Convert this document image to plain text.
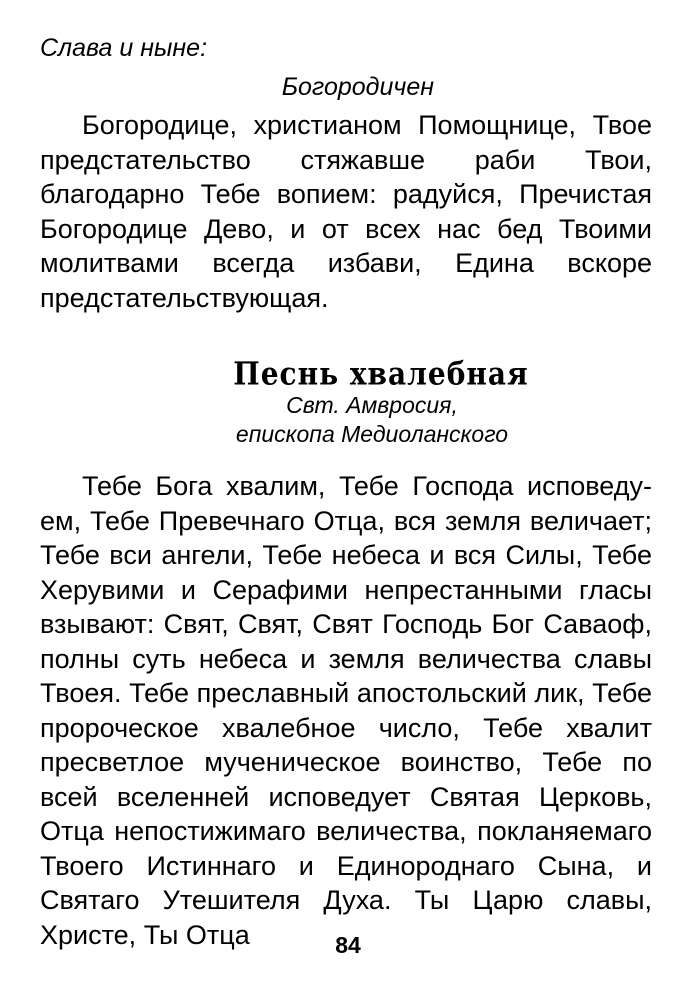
Слава и ныне:

Богородичен

Богородице, христианом Помощнице, Твое предстательство стяжавше раби Твои, благодарно Тебе вопием: радуйся, Пречистая Богородице Дево, и от всех нас бед Твоими молитвами всегда избави, Едина вскоре предстательствующая.

Песнь хвалебная

Свт. Амвросия,

епископа Медиоланского

Тебе Бога хвалим, Тебе Господа исповедуем, Тебе Превечнаго Отца, вся земля величает; Тебе вси ангели, Тебе небеса и вся Силы, Тебе Херувими и Серафими непрестанными гласы взывают: Свят, Свят, Свят Господь Бог Саваоф, полны суть небеса и земля величества славы Твоея. Тебе преславный апостольский лик, Тебе пророческое хвалебное число, Тебе хвалит пресветлое мученическое воинство, Тебе по всей вселенней исповедует Святая Церковь, Отца непостижимаго величества, покланяемаго Твоего Истиннаго и Единороднаго Сына, и Святаго Утешителя Духа. Ты Царю славы, Христе, Ты Отца	84
